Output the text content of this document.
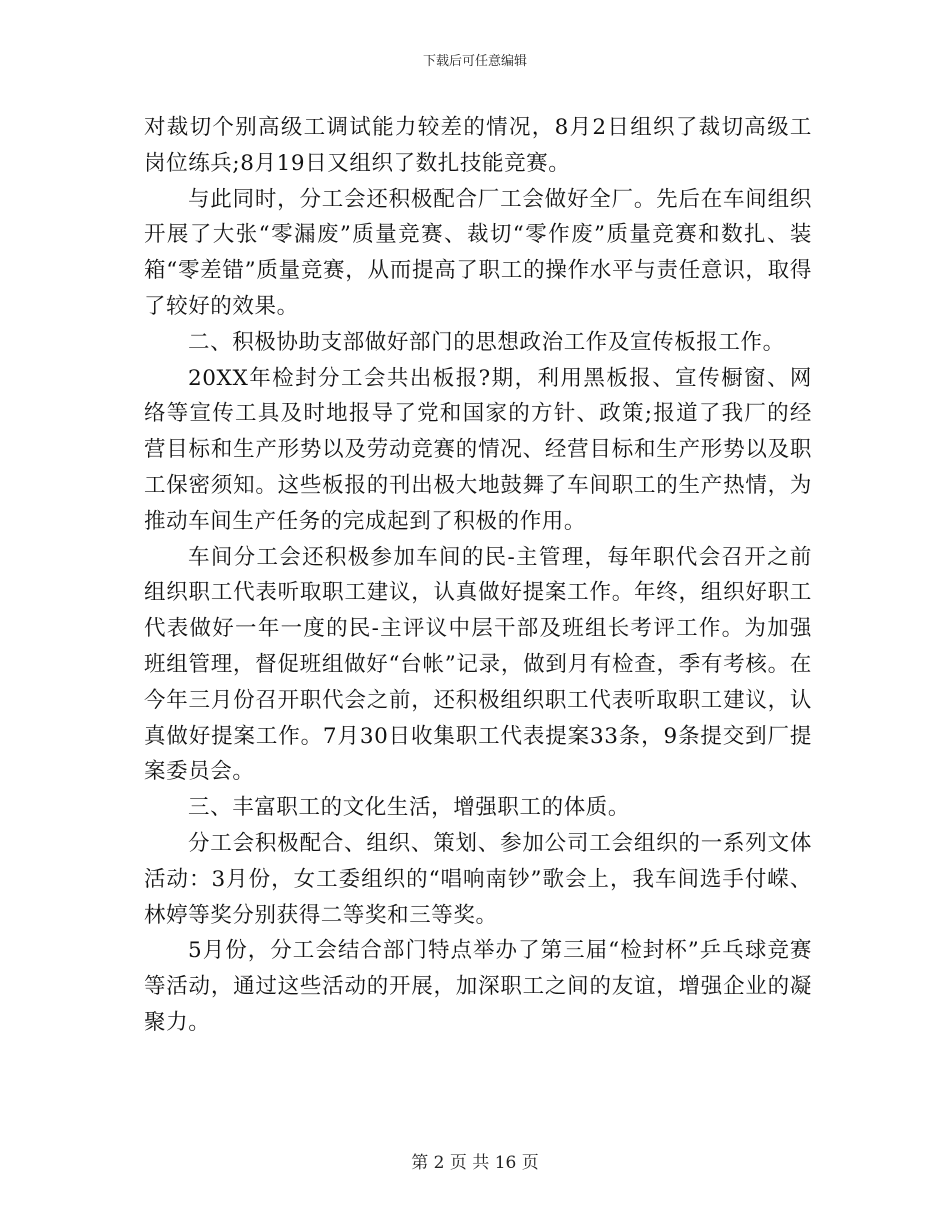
下载后可任意编辑

对裁切个别高级工调试能力较差的情况，8月2日组织了裁切高级工岗位练兵;8月19日又组织了数扎技能竞赛。

与此同时，分工会还积极配合厂工会做好全厂。先后在车间组织开展了大张“零漏废”质量竞赛、裁切“零作废”质量竞赛和数扎、装箱“零差错”质量竞赛，从而提高了职工的操作水平与责任意识，取得了较好的效果。

二、积极协助支部做好部门的思想政治工作及宣传板报工作。

20XX年检封分工会共出板报?期，利用黑板报、宣传橱窗、网络等宣传工具及时地报导了党和国家的方针、政策;报道了我厂的经营目标和生产形势以及劳动竞赛的情况、经营目标和生产形势以及职工保密须知。这些板报的刊出极大地鼓舞了车间职工的生产热情，为推动车间生产任务的完成起到了积极的作用。

车间分工会还积极参加车间的民-主管理，每年职代会召开之前组织职工代表听取职工建议，认真做好提案工作。年终，组织好职工代表做好一年一度的民-主评议中层干部及班组长考评工作。为加强班组管理，督促班组做好“台帐”记录，做到月有检查，季有考核。在今年三月份召开职代会之前，还积极组织职工代表听取职工建议，认真做好提案工作。7月30日收集职工代表提案33条，9条提交到厂提案委员会。

三、丰富职工的文化生活，增强职工的体质。

分工会积极配合、组织、策划、参加公司工会组织的一系列文体活动：3月份，女工委组织的“唱响南钞”歌会上，我车间选手付嵘、林婷等奖分别获得二等奖和三等奖。

5月份，分工会结合部门特点举办了第三届“检封杯”乒乓球竞赛等活动，通过这些活动的开展，加深职工之间的友谊，增强企业的凝聚力。

第 2 页 共 16 页
